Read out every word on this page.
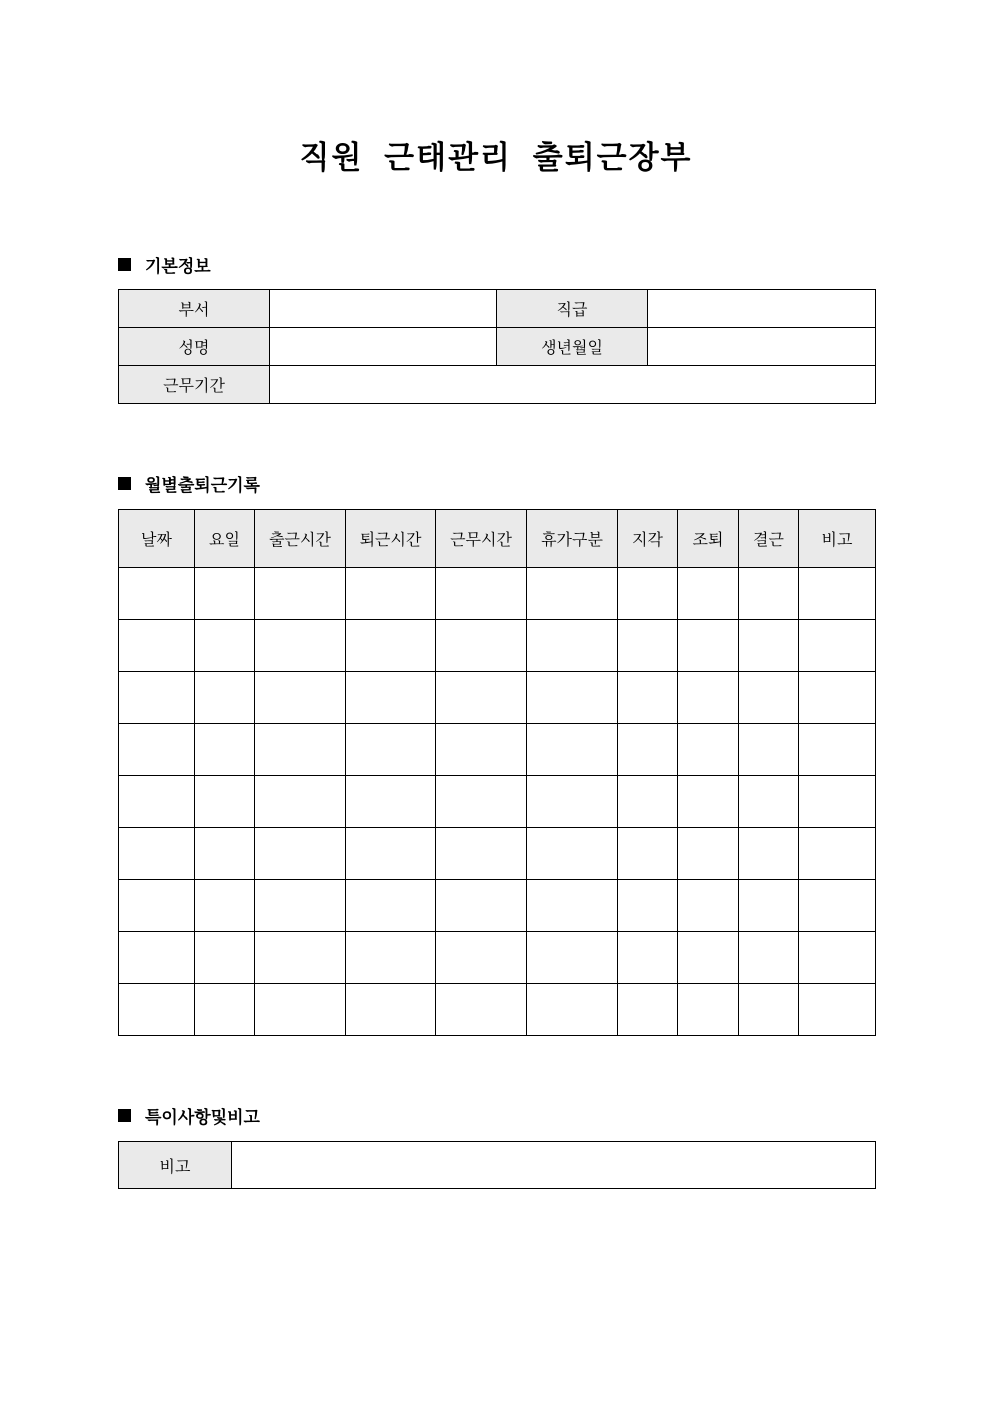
직원 근태관리 출퇴근장부
기본정보
부서		직급	
성명		생년월일	
근무기간			
월별출퇴근기록
날짜	요일	출근시간	퇴근시간	근무시간	휴가구분	지각	조퇴	결근	비고

특이사항및비고
비고	
